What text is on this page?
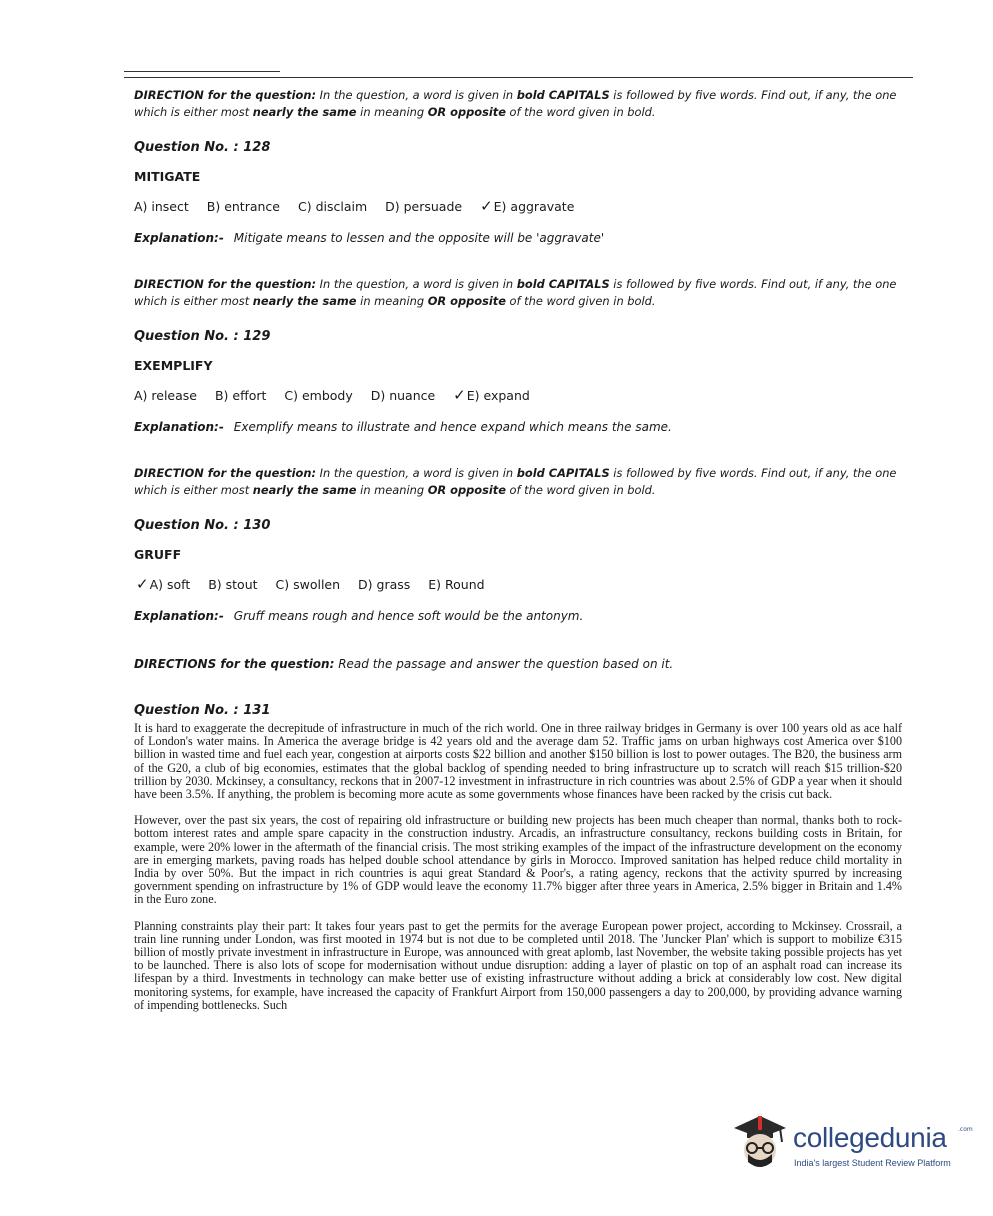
DIRECTION for the question: In the question, a word is given in bold CAPITALS is followed by five words. Find out, if any, the one which is either most nearly the same in meaning OR opposite of the word given in bold.

Question No. : 128

MITIGATE

A) insect B) entrance C) disclaim D) persuade ✓E) aggravate

Explanation:- Mitigate means to lessen and the opposite will be 'aggravate'

DIRECTION for the question: In the question, a word is given in bold CAPITALS is followed by five words. Find out, if any, the one which is either most nearly the same in meaning OR opposite of the word given in bold.

Question No. : 129

EXEMPLIFY

A) release B) effort C) embody D) nuance ✓E) expand

Explanation:- Exemplify means to illustrate and hence expand which means the same.

DIRECTION for the question: In the question, a word is given in bold CAPITALS is followed by five words. Find out, if any, the one which is either most nearly the same in meaning OR opposite of the word given in bold.

Question No. : 130

GRUFF

✓A) soft B) stout C) swollen D) grass E) Round

Explanation:- Gruff means rough and hence soft would be the antonym.

DIRECTIONS for the question: Read the passage and answer the question based on it.

Question No. : 131

It is hard to exaggerate the decrepitude of infrastructure in much of the rich world. One in three railway bridges in Germany is over 100 years old as ace half of London's water mains. In America the average bridge is 42 years old and the average dam 52. Traffic jams on urban highways cost America over $100 billion in wasted time and fuel each year, congestion at airports costs $22 billion and another $150 billion is lost to power outages. The B20, the business arm of the G20, a club of big economies, estimates that the global backlog of spending needed to bring infrastructure up to scratch will reach $15 trillion-$20 trillion by 2030. Mckinsey, a consultancy, reckons that in 2007-12 investment in infrastructure in rich countries was about 2.5% of GDP a year when it should have been 3.5%. If anything, the problem is becoming more acute as some governments whose finances have been racked by the crisis cut back.

However, over the past six years, the cost of repairing old infrastructure or building new projects has been much cheaper than normal, thanks both to rock-bottom interest rates and ample spare capacity in the construction industry. Arcadis, an infrastructure consultancy, reckons building costs in Britain, for example, were 20% lower in the aftermath of the financial crisis. The most striking examples of the impact of the infrastructure development on the economy are in emerging markets, paving roads has helped double school attendance by girls in Morocco. Improved sanitation has helped reduce child mortality in India by over 50%. But the impact in rich countries is aqui great Standard & Poor's, a rating agency, reckons that the activity spurred by increasing government spending on infrastructure by 1% of GDP would leave the economy 11.7% bigger after three years in America, 2.5% bigger in Britain and 1.4% in the Euro zone.

Planning constraints play their part: It takes four years past to get the permits for the average European power project, according to Mckinsey. Crossrail, a train line running under London, was first mooted in 1974 but is not due to be completed until 2018. The 'Juncker Plan' which is support to mobilize €315 billion of mostly private investment in infrastructure in Europe, was announced with great aplomb, last November, the website taking possible projects has yet to be launched. There is also lots of scope for modernisation without undue disruption: adding a layer of plastic on top of an asphalt road can increase its lifespan by a third. Investments in technology can make better use of existing infrastructure without adding a brick at considerably low cost. New digital monitoring systems, for example, have increased the capacity of Frankfurt Airport from 150,000 passengers a day to 200,000, by providing advance warning of impending bottlenecks. Such

collegedunia .com
India's largest Student Review Platform
